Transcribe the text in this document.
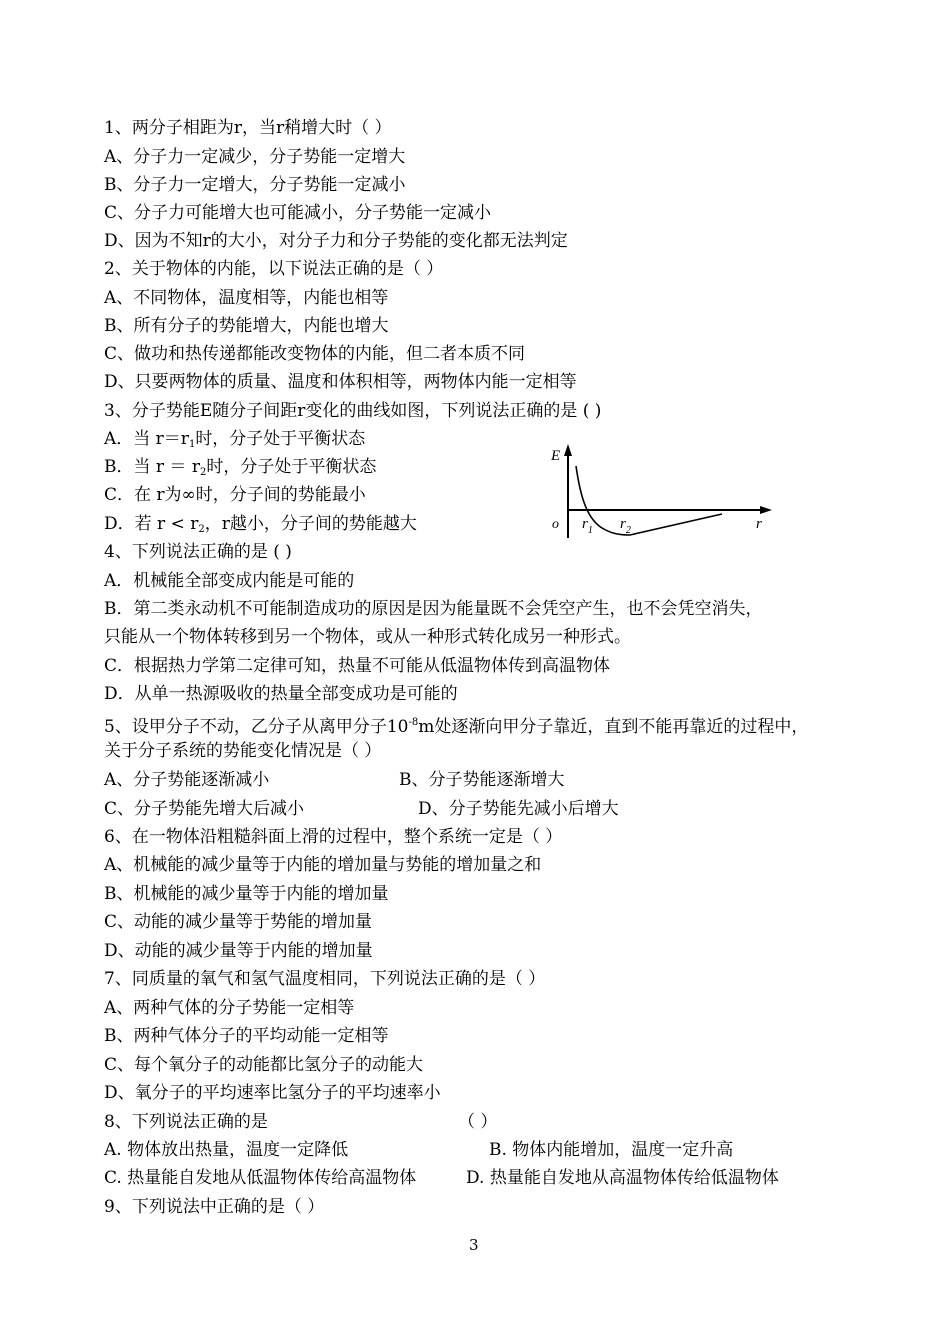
1、两分子相距为r，当r稍增大时（ ）
A、分子力一定减少，分子势能一定增大
B、分子力一定增大，分子势能一定减小
C、分子力可能增大也可能减小，分子势能一定减小
D、因为不知r的大小，对分子力和分子势能的变化都无法判定
2、关于物体的内能，以下说法正确的是（ ）
A、不同物体，温度相等，内能也相等
B、所有分子的势能增大，内能也增大
C、做功和热传递都能改变物体的内能，但二者本质不同
D、只要两物体的质量、温度和体积相等，两物体内能一定相等
3、分子势能E随分子间距r变化的曲线如图，下列说法正确的是 ( )
A．当 $r=r_1$时，分子处于平衡状态
B．当 $r = r_2$时，分子处于平衡状态
C．在 r为∞时，分子间的势能最小
D．若 $r < r_2$，r越小，分子间的势能越大
E
o $r_1$ $r_2$	r
4、下列说法正确的是 ( )
A．机械能全部变成内能是可能的
B．第二类永动机不可能制造成功的原因是因为能量既不会凭空产生，也不会凭空消失，
只能从一个物体转移到另一个物体，或从一种形式转化成另一种形式。
C．根据热力学第二定律可知，热量不可能从低温物体传到高温物体
D．从单一热源吸收的热量全部变成功是可能的
5、设甲分子不动，乙分子从离甲分子$10^{-8}m$处逐渐向甲分子靠近，直到不能再靠近的过程中，
关于分子系统的势能变化情况是（ ）
A、分子势能逐渐减小	B、分子势能逐渐增大
C、分子势能先增大后减小	D、分子势能先减小后增大
6、在一物体沿粗糙斜面上滑的过程中，整个系统一定是（ ）
A、机械能的减少量等于内能的增加量与势能的增加量之和
B、机械能的减少量等于内能的增加量
C、动能的减少量等于势能的增加量
D、动能的减少量等于内能的增加量
7、同质量的氧气和氢气温度相同，下列说法正确的是（ ）
A、两种气体的分子势能一定相等
B、两种气体分子的平均动能一定相等
C、每个氧分子的动能都比氢分子的动能大
D、氧分子的平均速率比氢分子的平均速率小
8、下列说法正确的是	（ ）
A. 物体放出热量，温度一定降低	B. 物体内能增加，温度一定升高
C. 热量能自发地从低温物体传给高温物体	D. 热量能自发地从高温物体传给低温物体
9、下列说法中正确的是（ ）
3
